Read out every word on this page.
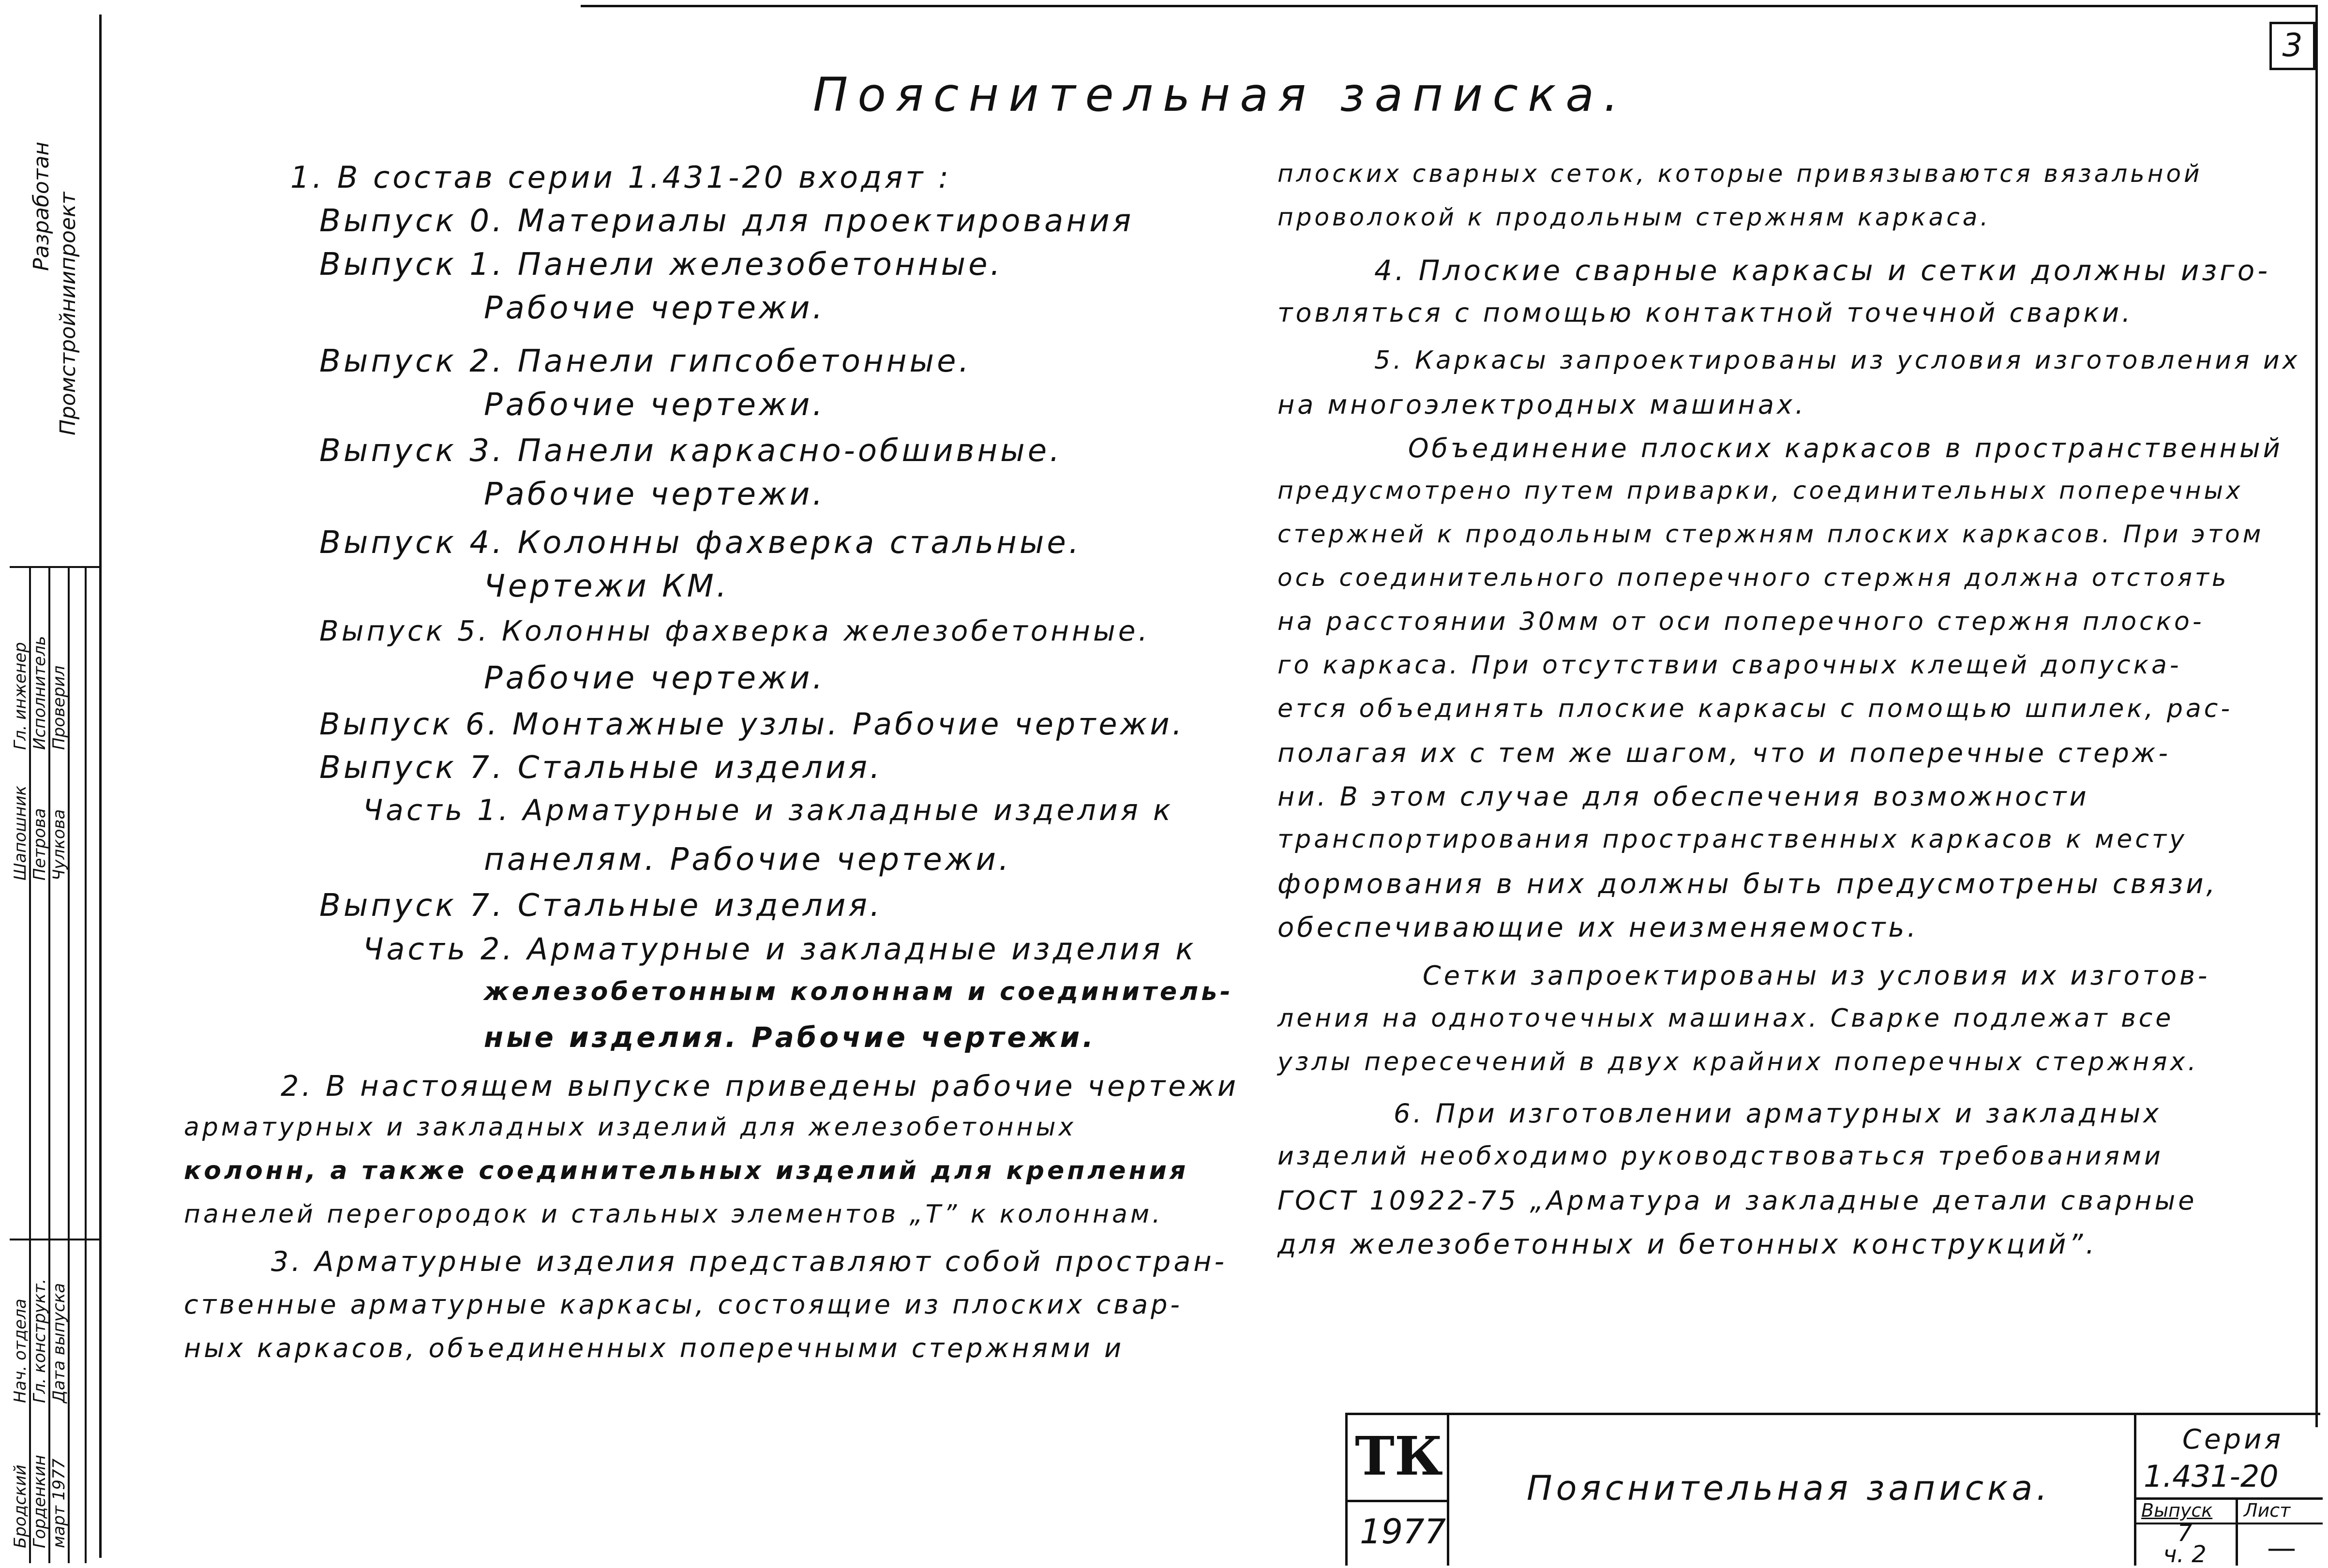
3
Пояснительная записка.
Разработан Промстройниипроект
Гл. инженер
Шапошник
Исполнитель
Петрова
Проверил
Чулкова
Нач. отдела
Бродский
Гл. конструкт.
Горденкин
Дата выпуска
март 1977
ТК
1977
Пояснительная записка.
Серия
1.431-20
Выпуск Лист
7
ч. 2 —
1. В состав серии 1.431-20 входят :
Выпуск 0. Материалы для проектирования
Выпуск 1. Панели железобетонные.
Рабочие чертежи.
Выпуск 2. Панели гипсобетонные.
Рабочие чертежи.
Выпуск 3. Панели каркасно-обшивные.
Рабочие чертежи.
Выпуск 4. Колонны фахверка стальные.
Чертежи КМ.
Выпуск 5. Колонны фахверка железобетонные.
Рабочие чертежи.
Выпуск 6. Монтажные узлы. Рабочие чертежи.
Выпуск 7. Стальные изделия.
Часть 1. Арматурные и закладные изделия к
панелям. Рабочие чертежи.
Выпуск 7. Стальные изделия.
Часть 2. Арматурные и закладные изделия к
железобетонным колоннам и соединитель-
ные изделия. Рабочие чертежи.
2. В настоящем выпуске приведены рабочие чертежи
арматурных и закладных изделий для железобетонных
колонн, а также соединительных изделий для крепления
панелей перегородок и стальных элементов „Т” к колоннам.
3. Арматурные изделия представляют собой простран-
ственные арматурные каркасы, состоящие из плоских свар-
ных каркасов, объединенных поперечными стержнями и
плоских сварных сеток, которые привязываются вязальной
проволокой к продольным стержням каркаса.
4. Плоские сварные каркасы и сетки должны изго-
товляться с помощью контактной точечной сварки.
5. Каркасы запроектированы из условия изготовления их
на многоэлектродных машинах.
Объединение плоских каркасов в пространственный
предусмотрено путем приварки, соединительных поперечных
стержней к продольным стержням плоских каркасов. При этом
ось соединительного поперечного стержня должна отстоять
на расстоянии 30мм от оси поперечного стержня плоско-
го каркаса. При отсутствии сварочных клещей допуска-
ется объединять плоские каркасы с помощью шпилек, рас-
полагая их с тем же шагом, что и поперечные стерж-
ни. В этом случае для обеспечения возможности
транспортирования пространственных каркасов к месту
формования в них должны быть предусмотрены связи,
обеспечивающие их неизменяемость.
Сетки запроектированы из условия их изготов-
ления на одноточечных машинах. Сварке подлежат все
узлы пересечений в двух крайних поперечных стержнях.
6. При изготовлении арматурных и закладных
изделий необходимо руководствоваться требованиями
ГОСТ 10922-75 „Арматура и закладные детали сварные
для железобетонных и бетонных конструкций”.
